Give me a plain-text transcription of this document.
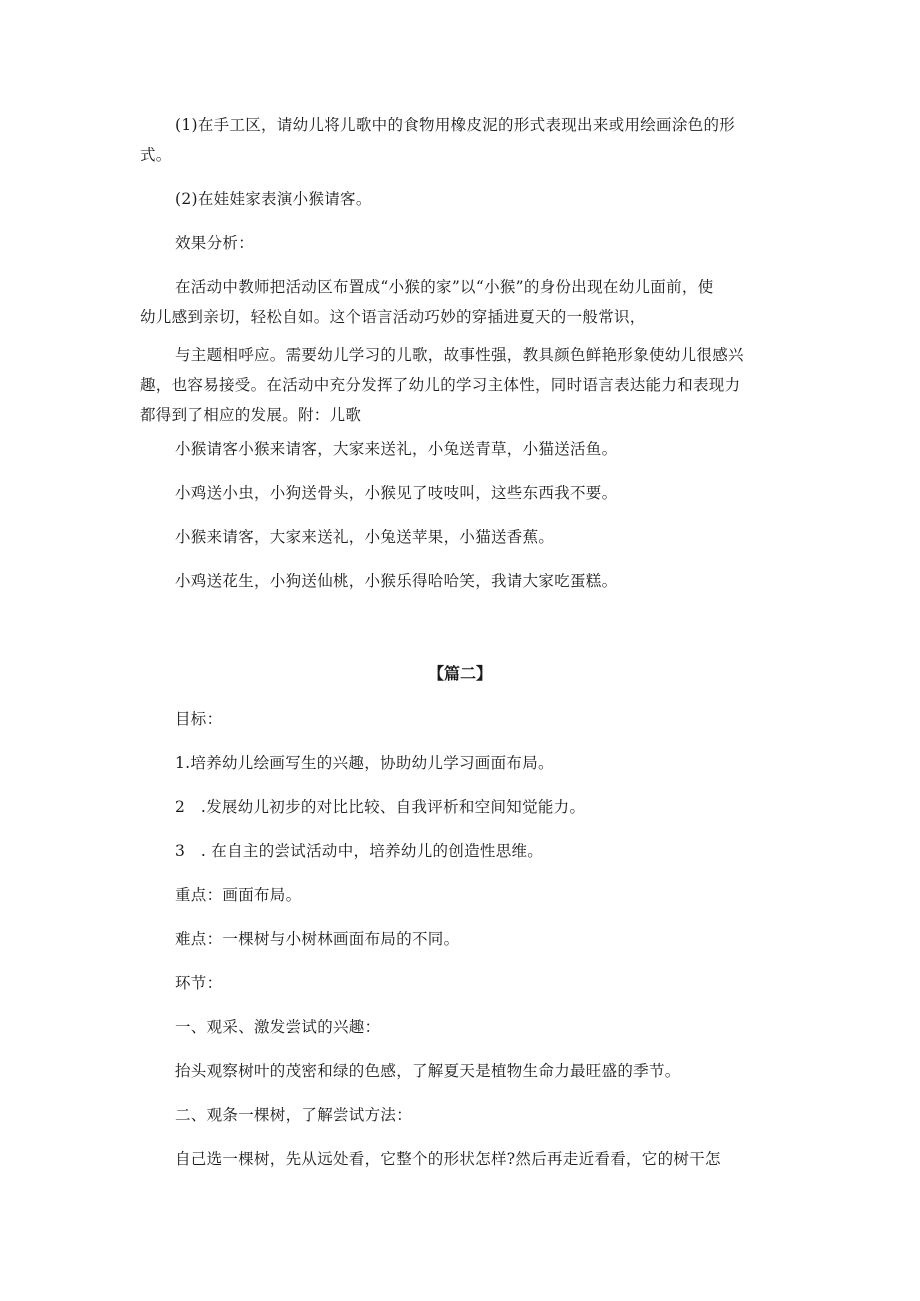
(1)在手工区，请幼儿将儿歌中的食物用橡皮泥的形式表现出来或用绘画涂色的形
式。
(2)在娃娃家表演小猴请客。
效果分析：
在活动中教师把活动区布置成“小猴的家”以“小猴”的身份出现在幼儿面前，使
幼儿感到亲切，轻松自如。这个语言活动巧妙的穿插进夏天的一般常识，
与主题相呼应。需要幼儿学习的儿歌，故事性强，教具颜色鲜艳形象使幼儿很感兴
趣，也容易接受。在活动中充分发挥了幼儿的学习主体性，同时语言表达能力和表现力
都得到了相应的发展。附：儿歌
小猴请客小猴来请客，大家来送礼，小兔送青草，小猫送活鱼。
小鸡送小虫，小狗送骨头，小猴见了吱吱叫，这些东西我不要。
小猴来请客，大家来送礼，小兔送苹果，小猫送香蕉。
小鸡送花生，小狗送仙桃，小猴乐得哈哈笑，我请大家吃蛋糕。
【篇二】
目标：
1.培养幼儿绘画写生的兴趣，协助幼儿学习画面布局。
2   .发展幼儿初步的对比比较、自我评析和空间知觉能力。
3   . 在自主的尝试活动中，培养幼儿的创造性思维。
重点：画面布局。
难点：一棵树与小树林画面布局的不同。
环节：
一、观采、激发尝试的兴趣：
抬头观察树叶的茂密和绿的色感，了解夏天是植物生命力最旺盛的季节。
二、观条一棵树，了解尝试方法：
自己选一棵树，先从远处看，它整个的形状怎样?然后再走近看看，它的树干怎
